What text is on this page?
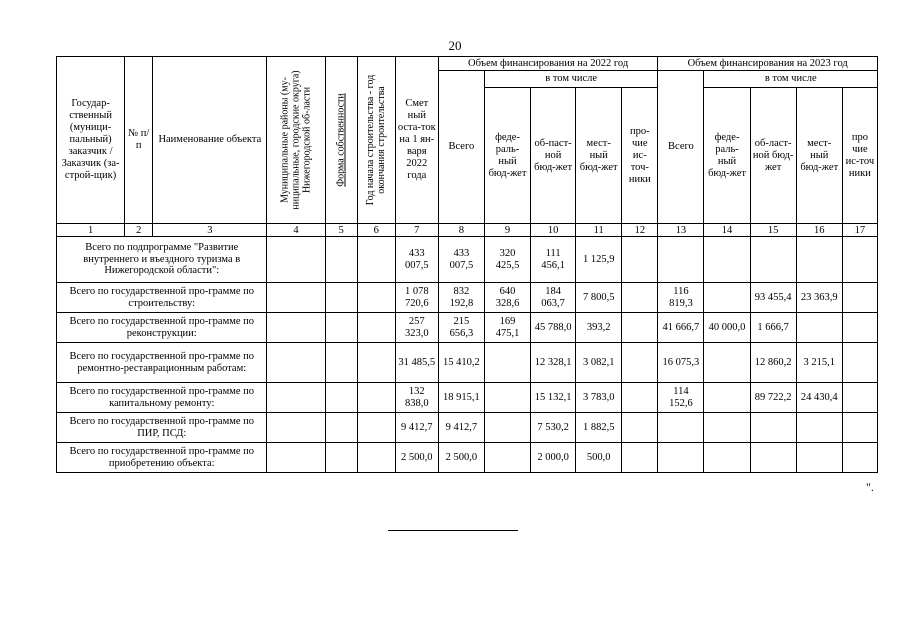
20
Государ-ственный (муници-пальный) заказчик / Заказчик (за-строй-щик)	№ п/п	Наименование объекта	Муниципальные районы (му-ниципальные, городские округа) Нижегородской об-ласти	Форма собственности	Год начала строительства - год окончания строительства	Смет ный оста-ток на 1 ян-варя 2022 года	Объем финансирования на 2022 год					Объем финансирования на 2023 год				
							Всего	в том числе				Всего	в том числе			
								феде-раль-ный бюд-жет	об-паст-ной бюд-жет	мест-ный бюд-жет	про-чие ис-точ-ники		феде-раль-ный бюд-жет	об-ласт-ной бюд-жет	мест-ный бюд-жет	про чие ис-точ ники
1	2	3	4	5	6	7	8	9	10	11	12	13	14	15	16	17
Всего по подпрограмме "Развитие внутреннего и въездного туризма в Нижегородской области":						433 007,5	433 007,5	320 425,5	111 456,1	1 125,9						
Всего по государственной про-грамме по строительству:						1 078 720,6	832 192,8	640 328,6	184 063,7	7 800,5		116 819,3		93 455,4	23 363,9	
Всего по государственной про-грамме по реконструкции:						257 323,0	215 656,3	169 475,1	45 788,0	393,2		41 666,7	40 000,0	1 666,7		
Всего по государственной про-грамме по ремонтно-реставрационным работам:						31 485,5	15 410,2		12 328,1	3 082,1		16 075,3		12 860,2	3 215,1	
Всего по государственной про-грамме по капитальному ремонту:						132 838,0	18 915,1		15 132,1	3 783,0		114 152,6		89 722,2	24 430,4	
Всего по государственной про-грамме по ПИР, ПСД:						9 412,7	9 412,7		7 530,2	1 882,5						
Всего по государственной про-грамме по приобретению объекта:						2 500,0	2 500,0		2 000,0	500,0						
".
